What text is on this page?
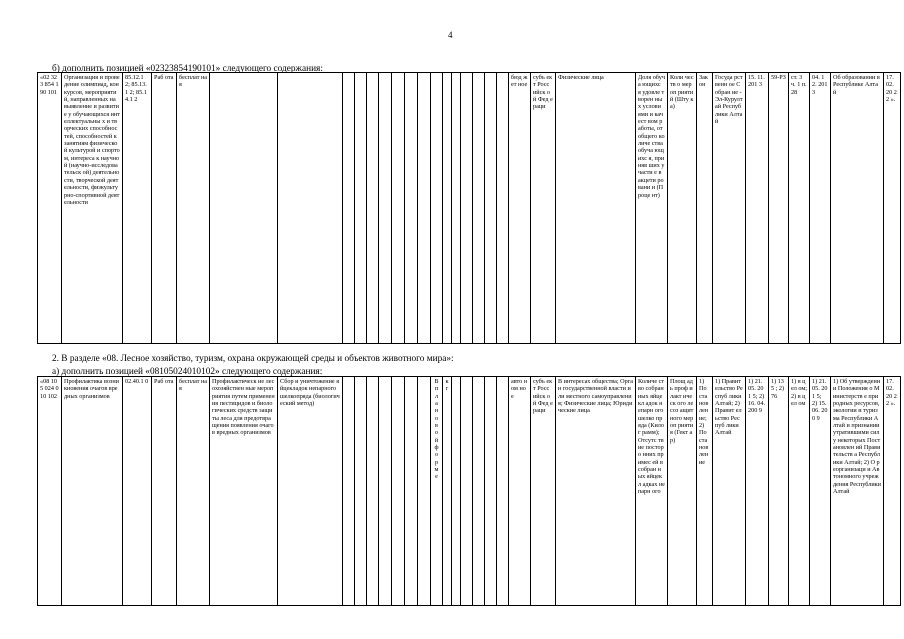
4
б) дополнить позицией «02323854190101» следующего содержания:
«02 323 854 190 101	Организация и проведение олимпиад, конкурсов, мероприятий, направленных на выявление и развитие у обучающихся интеллектуальны х и творческих способностей, способностей к занятиям физической культурой и спортом, интереса к научной (научно-исследовательск ой) деятельности, творческой деятельности, физкультурно-спортивной деятельности	85.12.1 2; 85.13.1 2; 85.14.1 2	Раб ота	бесплат ная																	бюд жет ное	субъ ект Росс ийск ой Фед ераци	Физические лица	Доля обуча ющихс я удовле творен ных услови ями и качест вом работы, от общего количе ства обуча ющихс я, приняв ших участи е в акцети ровани и (Проце нт)	Коли честв о мероп рияти й (Шту ка)	Зак он	Госуда рственн ое Собран ие - Эл-Курулт ай Респуб лики Алтай	15. 11. 201 3	59-РЗ	ст. 3 ч. 1 п. 28	04. 12. 201 3	Об образовании в Республике Алтай	17. 02. 20 22 ».
2. В разделе «08. Лесное хозяйство, туризм, охрана окружающей среды и объектов животного мира»:
а) дополнить позицией «08105024010102» следующего содержания:
«08 105 024 010 102	Профилактика возникновения очагов вредных организмов	02.40.1 0	Раб ота	бесплат ная	Профилактическ ие лесохозяйствен ные мероприятия путем применения пестицидов и биологических средств защиты леса для предотвращения появления очагов вредных организмов	Сбор и уничтожение яйцекладок непарного шелкопряда (биологический метод)								В п л а н о в о й ф о р м е	к г						авто ном ное	субъ ект Росс ийск ой Фед ераци	В интересах общества; Орган государственной власти или местного самоуправления; Физические лица; Юридические лица	Количе ство собран ных яйцекл адок непарн ого шелко пряда (Килог рамм); Отсутс твие посторо нних примес ей в собран ных яйцекл адках непарн ого	Площ адь проф илакт ическ ого лесоз ащит ного мероп рияти я (Гект ар)	1) По ста нов лен ие; 2) По ста нов лен ие	1) Правит ельство Респуб лики Алтай; 2) Правит ельство Респуб лики Алтай	1) 21. 05. 201 5; 2) 16. 04. 200 9	1) 135 ; 2) 76	1) в цел ом; 2) в цел ом	1) 21. 05. 201 5; 2) 15. 06. 200 9	1) Об утверждении Положения о Министерств е природных ресурсов, экологии и туризма Республики Алтай и признании утратившими силу некоторых Постановлен ий Правительств а Республики Алтай; 2) О реорганизаци и Автономного учреждения Республики Алтай	17. 02. 20 22 ».
